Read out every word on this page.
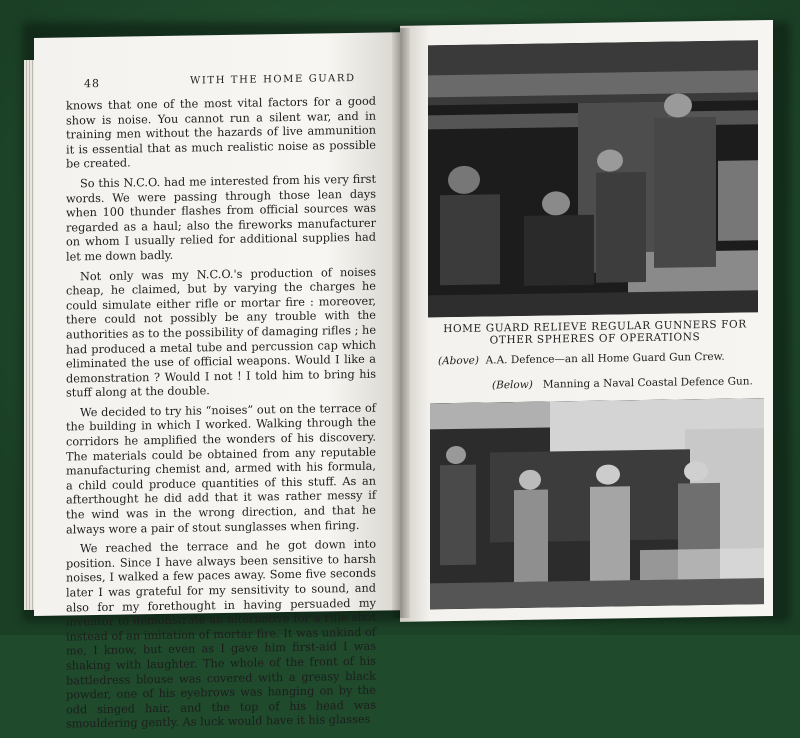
48	WITH THE HOME GUARD

knows that one of the most vital factors for a good show is noise. You cannot run a silent war, and in training men without the hazards of live ammunition it is essential that as much realistic noise as possible be created.

So this N.C.O. had me interested from his very first words. We were passing through those lean days when 100 thunder flashes from official sources was regarded as a haul; also the fireworks manufacturer on whom I usually relied for additional supplies had let me down badly.

Not only was my N.C.O.'s production of noises cheap, he claimed, but by varying the charges he could simulate either rifle or mortar fire : moreover, there could not possibly be any trouble with the authorities as to the possibility of damaging rifles ; he had produced a metal tube and percussion cap which eliminated the use of official weapons. Would I like a demonstration ? Would I not ! I told him to bring his stuff along at the double.

We decided to try his “noises” out on the terrace of the building in which I worked. Walking through the corridors he amplified the wonders of his discovery. The materials could be obtained from any reputable manufacturing chemist and, armed with his formula, a child could produce quantities of this stuff. As an afterthought he did add that it was rather messy if the wind was in the wrong direction, and that he always wore a pair of stout sunglasses when firing.

We reached the terrace and he got down into position. Since I have always been sensitive to harsh noises, I walked a few paces away. Some five seconds later I was grateful for my sensitivity to sound, and also for my forethought in having persuaded my inventor to demonstrate an alternative for a rifle shot instead of an imitation of mortar fire. It was unkind of me, I know, but even as I gave him first-aid I was shaking with laughter. The whole of the front of his battledress blouse was covered with a greasy black powder, one of his eyebrows was hanging on by the odd singed hair, and the top of his head was smouldering gently. As luck would have it his glasses

HOME GUARD RELIEVE REGULAR GUNNERS FOR OTHER SPHERES OF OPERATIONS
(Above) A.A. Defence—an all Home Guard Gun Crew.
(Below) Manning a Naval Coastal Defence Gun.
